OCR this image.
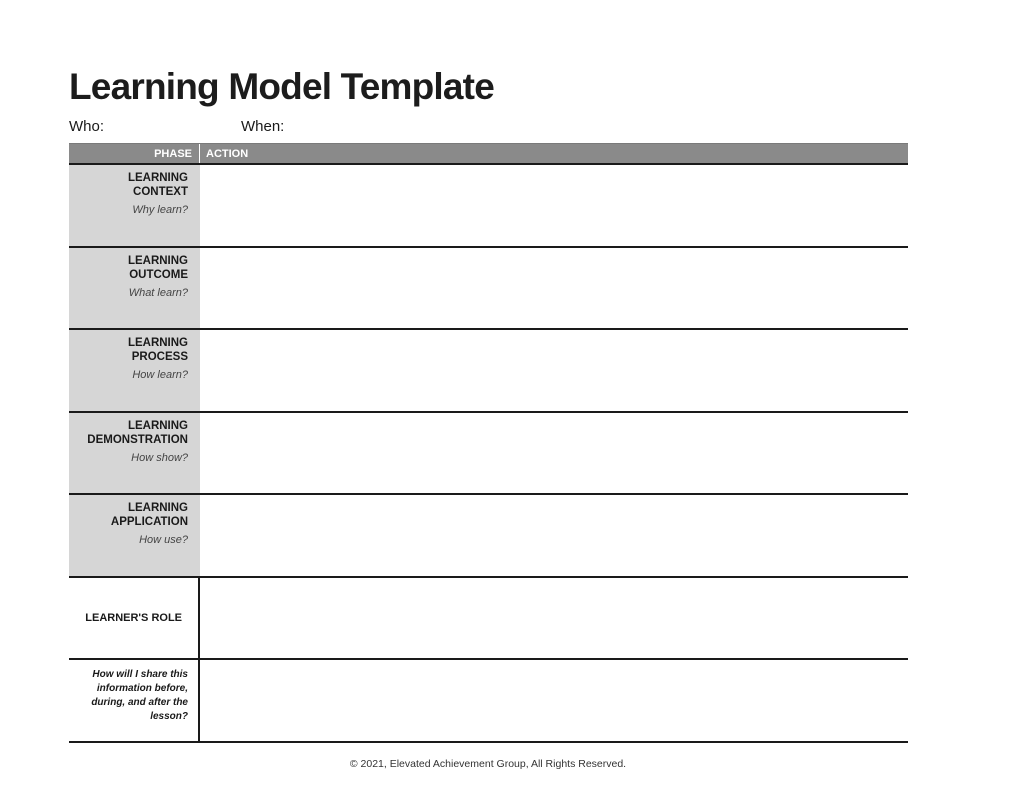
Learning Model Template
Who:	When:
PHASE	ACTION
LEARNING
CONTEXT
Why learn?
LEARNING
OUTCOME
What learn?
LEARNING
PROCESS
How learn?
LEARNING
DEMONSTRATION
How show?
LEARNING
APPLICATION
How use?
LEARNER'S ROLE
How will I share this information before, during, and after the lesson?
© 2021, Elevated Achievement Group, All Rights Reserved.
